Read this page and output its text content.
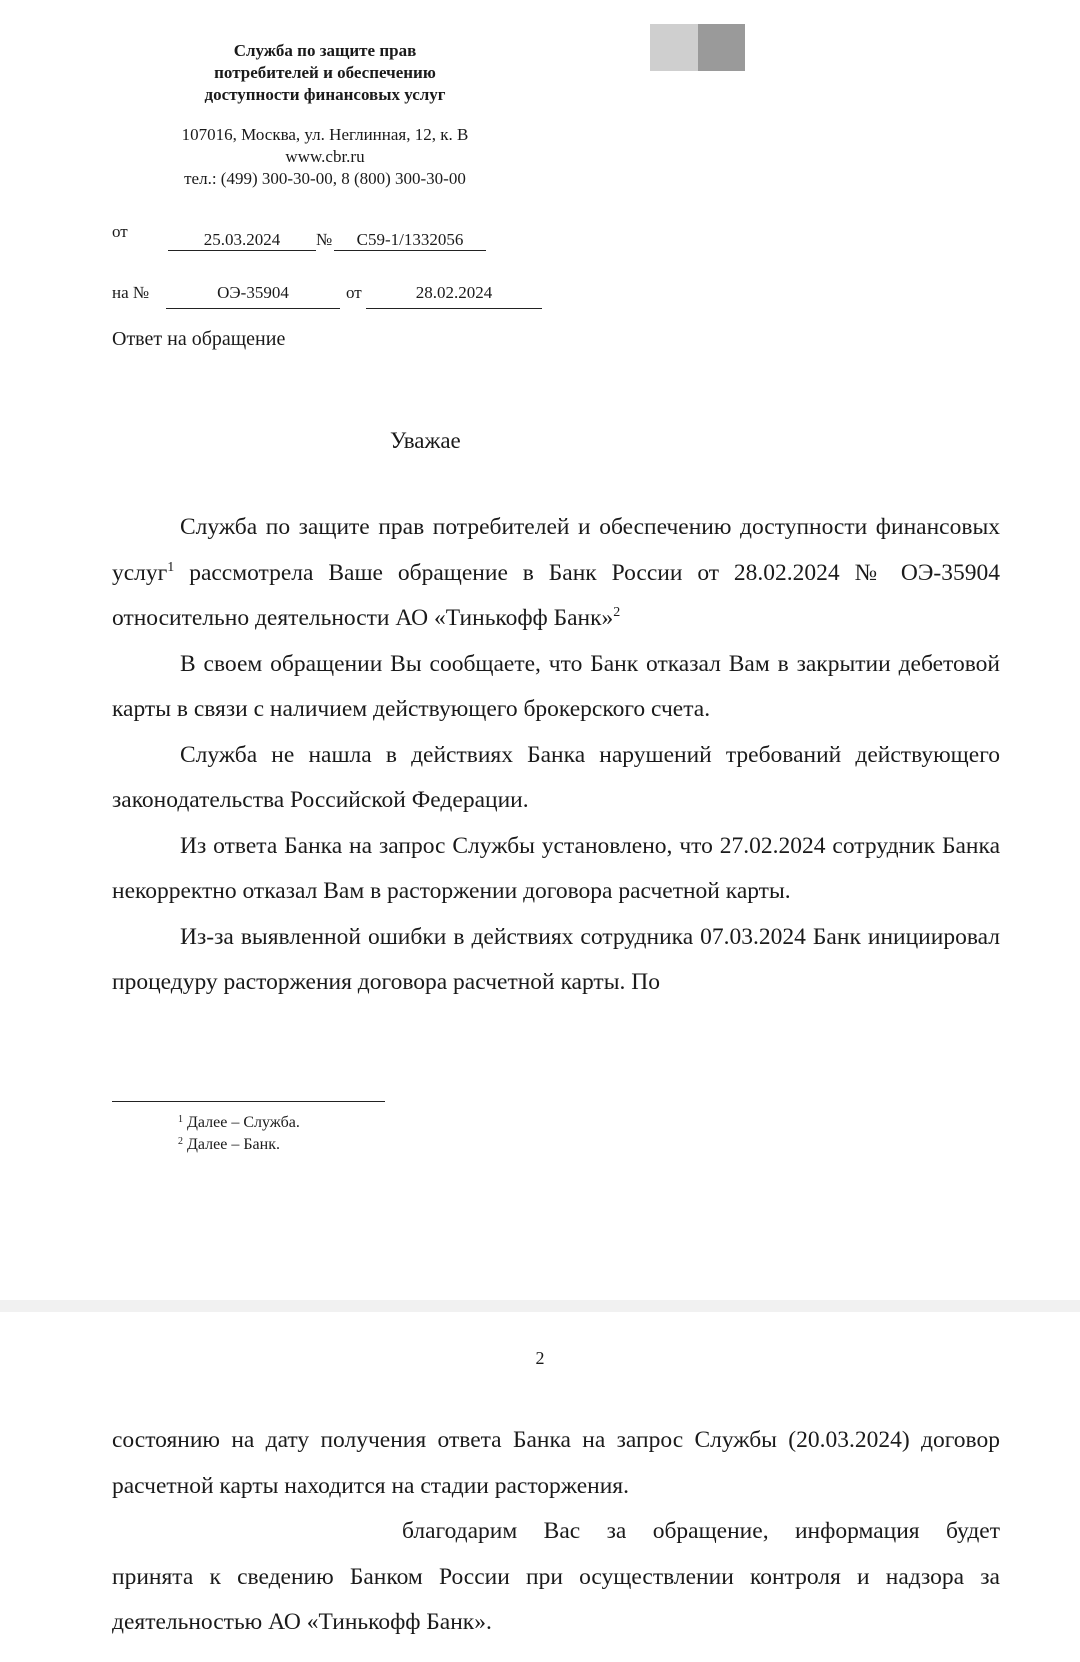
Служба по защите прав
потребителей и обеспечению
доступности финансовых услуг
107016, Москва, ул. Неглинная, 12, к. В
www.cbr.ru
тел.: (499) 300-30-00, 8 (800) 300-30-00
от	25.03.2024	№	С59-1/1332056
на №	ОЭ-35904	от	28.02.2024
Ответ на обращение
Уважае

Служба по защите прав потребителей и обеспечению доступности финансовых услуг$^1$ рассмотрела Ваше обращение в Банк России от 28.02.2024 № ОЭ-35904 относительно деятельности АО «Тинькофф Банк»$^2$

В своем обращении Вы сообщаете, что Банк отказал Вам в закрытии дебетовой карты в связи с наличием действующего брокерского счета.

Служба не нашла в действиях Банка нарушений требований действующего законодательства Российской Федерации.

Из ответа Банка на запрос Службы установлено, что 27.02.2024 сотрудник Банка некорректно отказал Вам в расторжении договора расчетной карты.

Из-за выявленной ошибки в действиях сотрудника 07.03.2024 Банк инициировал процедуру расторжения договора расчетной карты. По

$^1$ Далее – Служба.
$^2$ Далее – Банк.
2

состоянию на дату получения ответа Банка на запрос Службы (20.03.2024) договор расчетной карты находится на стадии расторжения.

благодарим Вас за обращение, информация будет

принята к сведению Банком России при осуществлении контроля и надзора за деятельностью АО «Тинькофф Банк».
